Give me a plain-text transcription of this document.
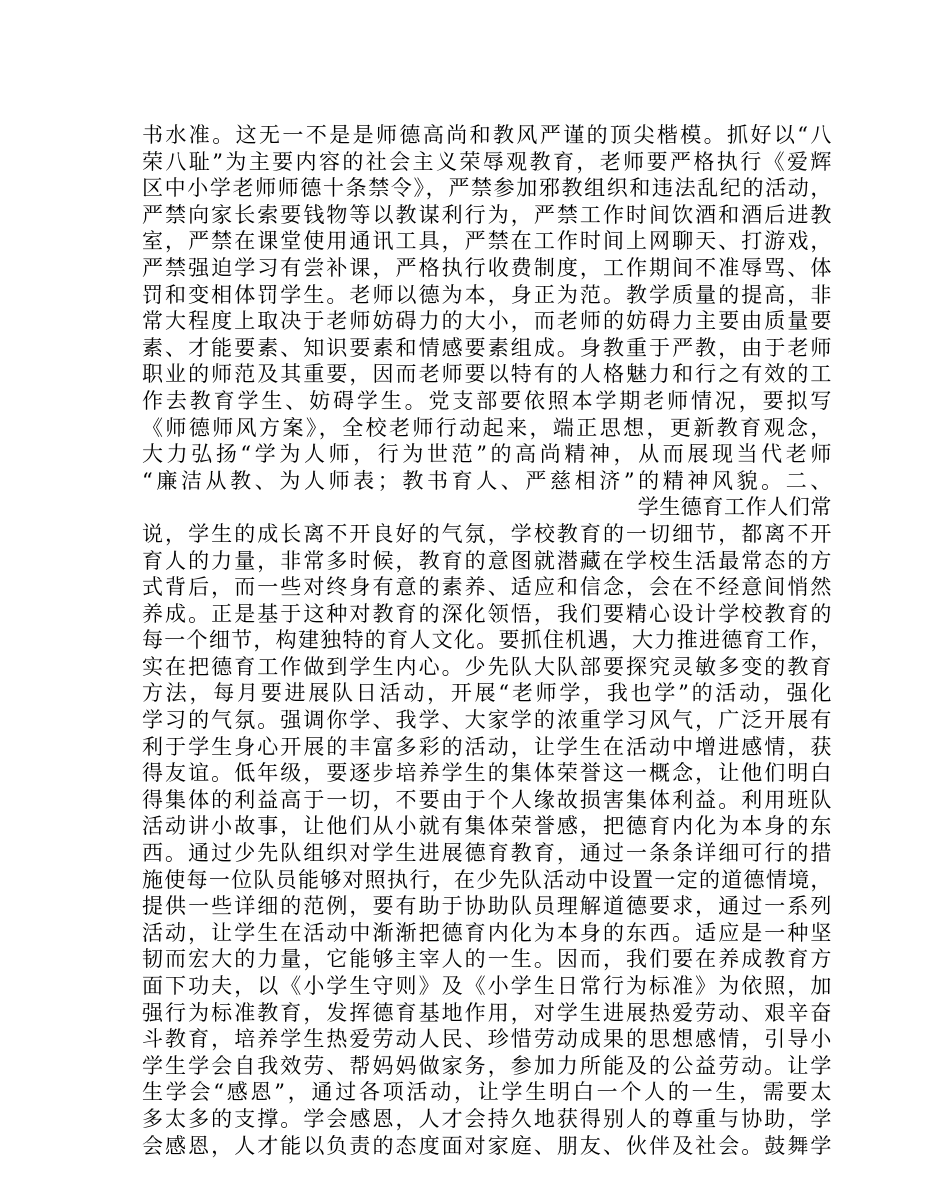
书水准。这无一不是是师德高尚和教风严谨的顶尖楷模。抓好以“八
荣八耻”为主要内容的社会主义荣辱观教育，老师要严格执行《爱辉
区中小学老师师德十条禁令》，严禁参加邪教组织和违法乱纪的活动，
严禁向家长索要钱物等以教谋利行为，严禁工作时间饮酒和酒后进教
室，严禁在课堂使用通讯工具，严禁在工作时间上网聊天、打游戏，
严禁强迫学习有尝补课，严格执行收费制度，工作期间不准辱骂、体
罚和变相体罚学生。老师以德为本，身正为范。教学质量的提高，非
常大程度上取决于老师妨碍力的大小，而老师的妨碍力主要由质量要
素、才能要素、知识要素和情感要素组成。身教重于严教，由于老师
职业的师范及其重要，因而老师要以特有的人格魅力和行之有效的工
作去教育学生、妨碍学生。党支部要依照本学期老师情况，要拟写
《师德师风方案》，全校老师行动起来，端正思想，更新教育观念，
大力弘扬“学为人师，行为世范”的高尚精神，从而展现当代老师
“廉洁从教、为人师表；教书育人、严慈相济”的精神风貌。二、
学生德育工作人们常
说，学生的成长离不开良好的气氛，学校教育的一切细节，都离不开
育人的力量，非常多时候，教育的意图就潜藏在学校生活最常态的方
式背后，而一些对终身有意的素养、适应和信念，会在不经意间悄然
养成。正是基于这种对教育的深化领悟，我们要精心设计学校教育的
每一个细节，构建独特的育人文化。要抓住机遇，大力推进德育工作，
实在把德育工作做到学生内心。少先队大队部要探究灵敏多变的教育
方法，每月要进展队日活动，开展“老师学，我也学”的活动，强化
学习的气氛。强调你学、我学、大家学的浓重学习风气，广泛开展有
利于学生身心开展的丰富多彩的活动，让学生在活动中增进感情，获
得友谊。低年级，要逐步培养学生的集体荣誉这一概念，让他们明白
得集体的利益高于一切，不要由于个人缘故损害集体利益。利用班队
活动讲小故事，让他们从小就有集体荣誉感，把德育内化为本身的东
西。通过少先队组织对学生进展德育教育，通过一条条详细可行的措
施使每一位队员能够对照执行，在少先队活动中设置一定的道德情境，
提供一些详细的范例，要有助于协助队员理解道德要求，通过一系列
活动，让学生在活动中渐渐把德育内化为本身的东西。适应是一种坚
韧而宏大的力量，它能够主宰人的一生。因而，我们要在养成教育方
面下功夫，以《小学生守则》及《小学生日常行为标准》为依照，加
强行为标准教育，发挥德育基地作用，对学生进展热爱劳动、艰辛奋
斗教育，培养学生热爱劳动人民、珍惜劳动成果的思想感情，引导小
学生学会自我效劳、帮妈妈做家务，参加力所能及的公益劳动。让学
生学会“感恩”，通过各项活动，让学生明白一个人的一生，需要太
多太多的支撑。学会感恩，人才会持久地获得别人的尊重与协助，学
会感恩，人才能以负责的态度面对家庭、朋友、伙伴及社会。鼓舞学
